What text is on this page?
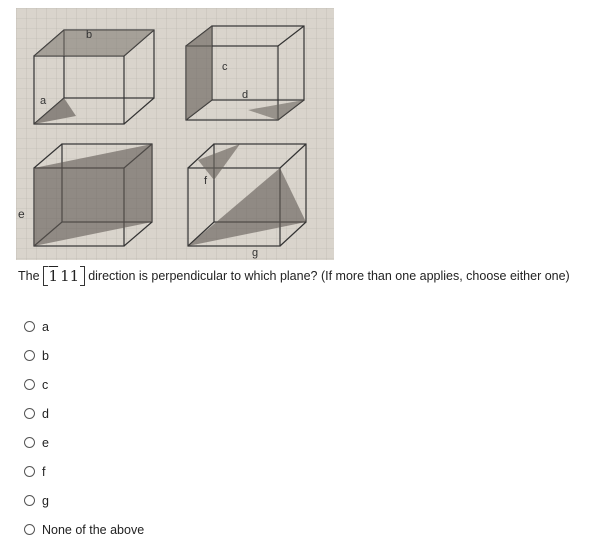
b
a
c
d
e
f
g
The 1 11 direction is perpendicular to which plane? (If more than one applies, choose either one)
a
b
c
d
e
f
g
None of the above
